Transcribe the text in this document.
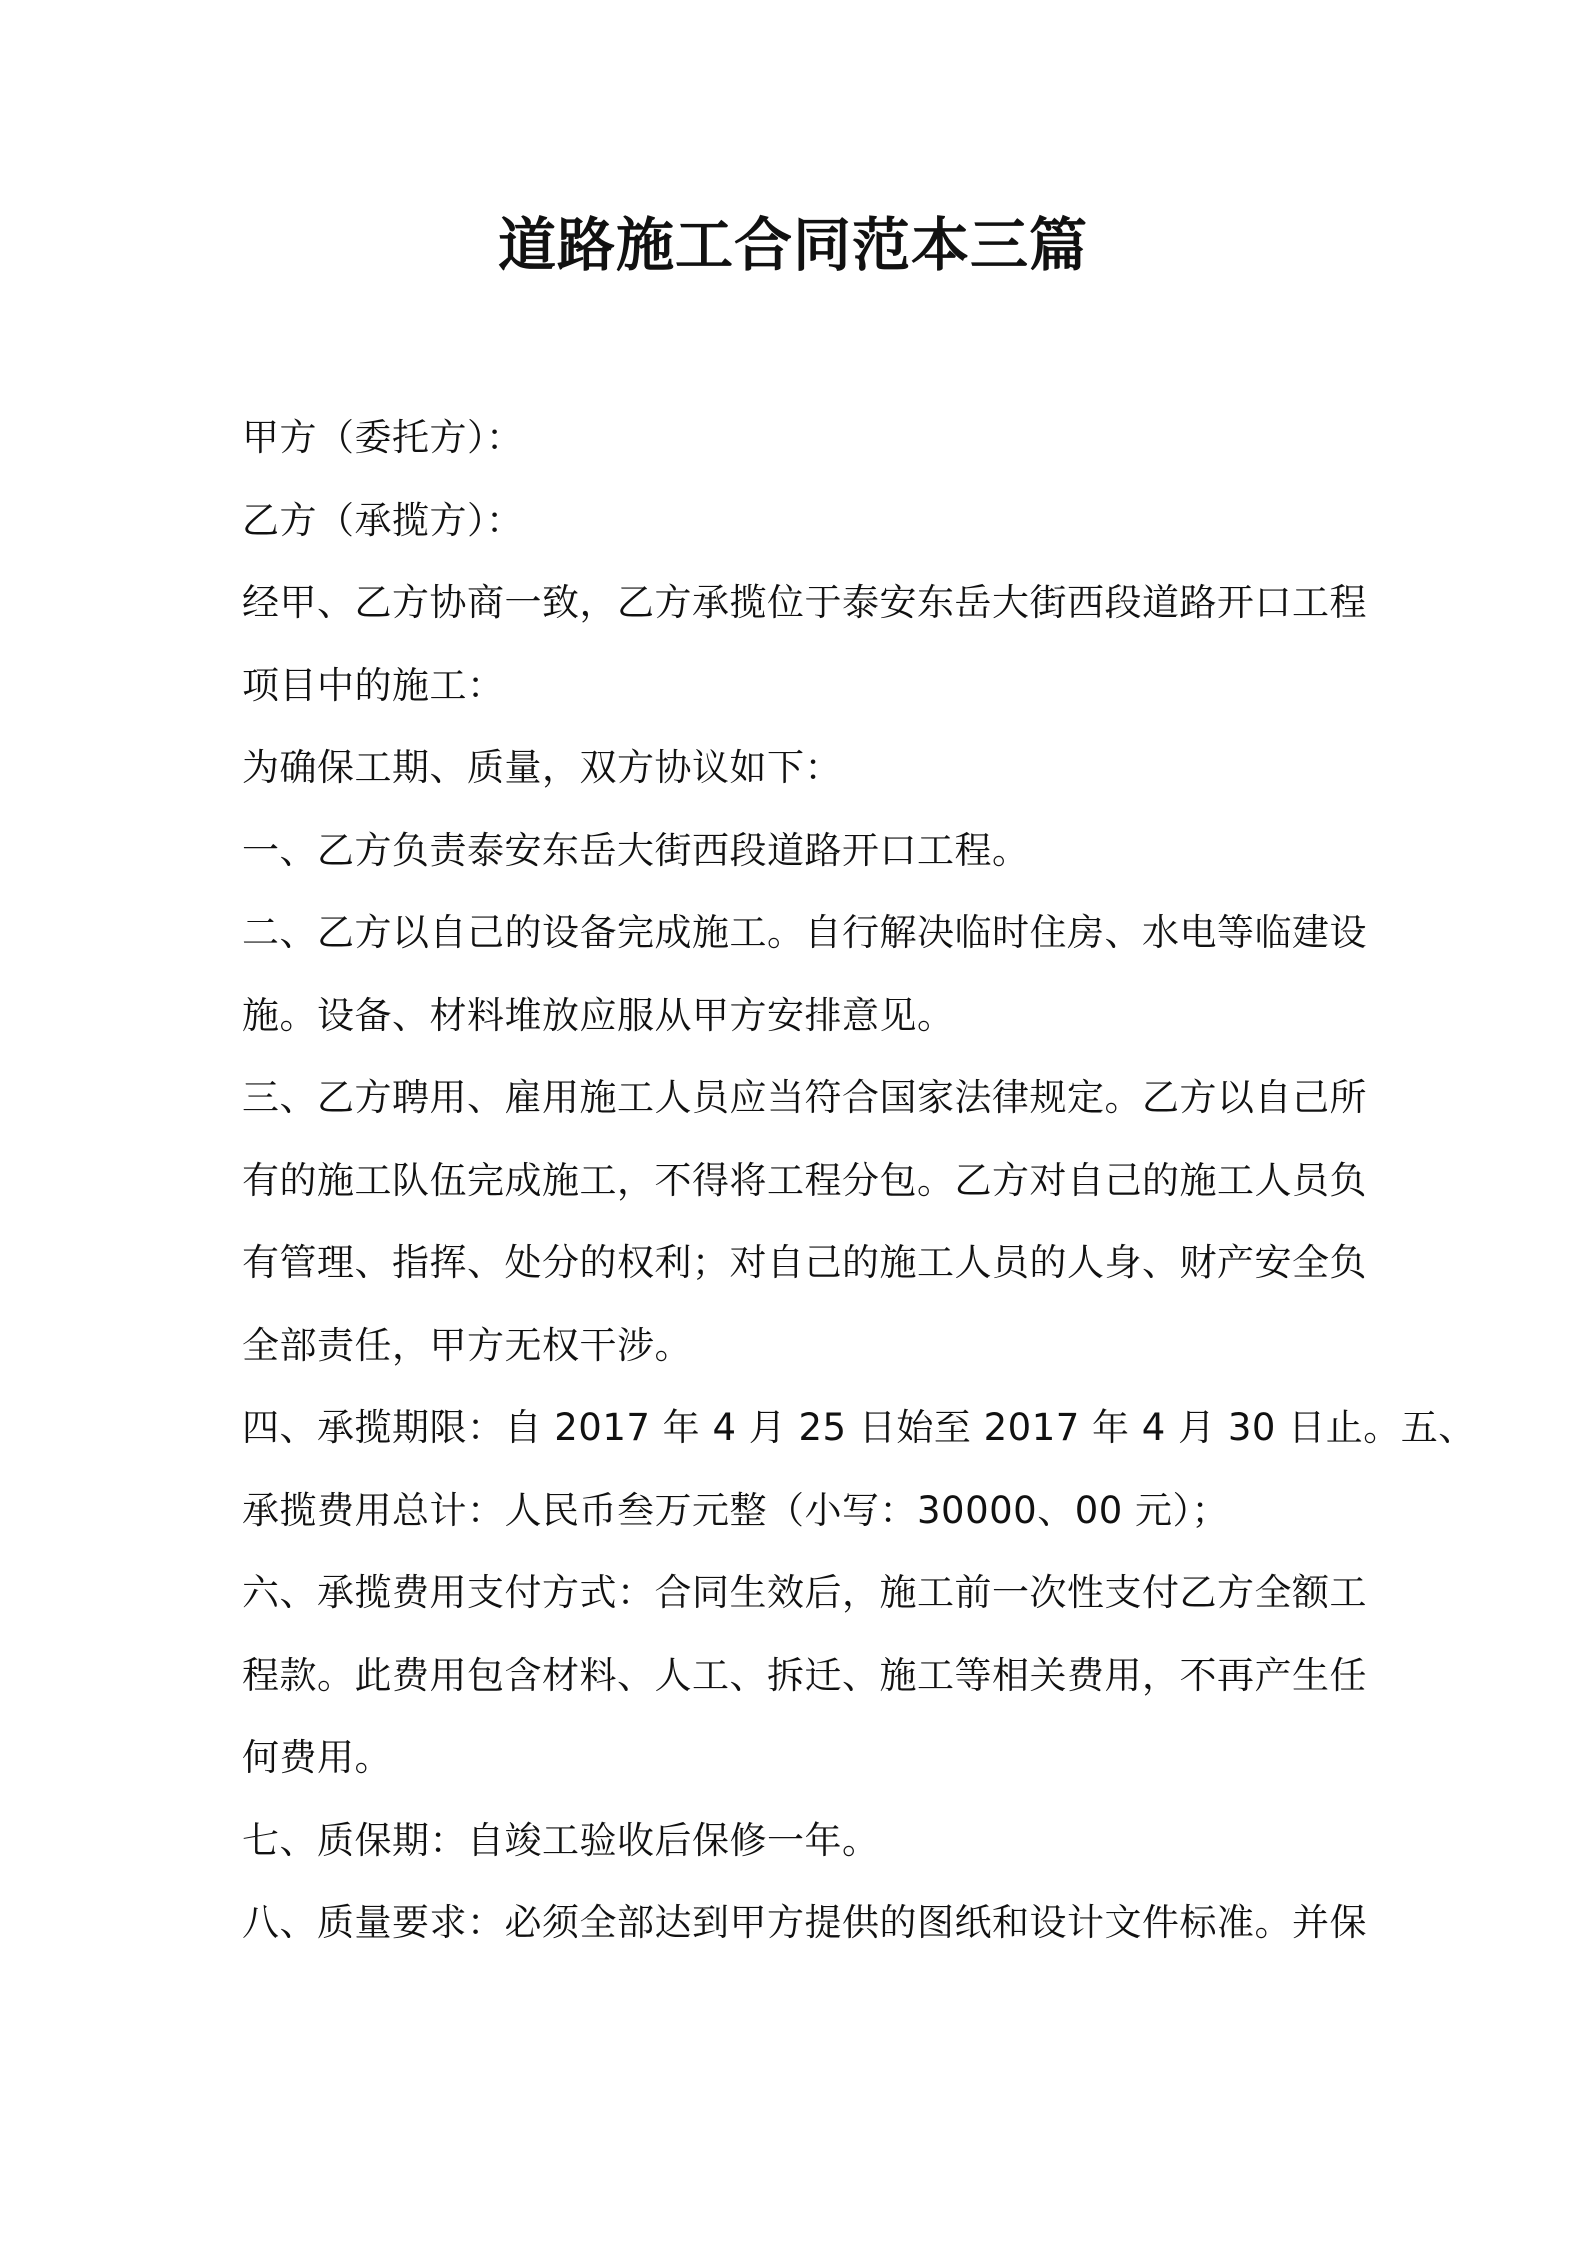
道路施工合同范本三篇

甲方（委托方）：

乙方（承揽方）：

经甲、乙方协商一致，乙方承揽位于泰安东岳大街西段道路开口工程

项目中的施工：

为确保工期、质量，双方协议如下：

一、乙方负责泰安东岳大街西段道路开口工程。

二、乙方以自己的设备完成施工。自行解决临时住房、水电等临建设

施。设备、材料堆放应服从甲方安排意见。

三、乙方聘用、雇用施工人员应当符合国家法律规定。乙方以自己所

有的施工队伍完成施工，不得将工程分包。乙方对自己的施工人员负

有管理、指挥、处分的权利；对自己的施工人员的人身、财产安全负

全部责任，甲方无权干涉。

四、承揽期限：自 2017 年 4 月 25 日始至 2017 年 4 月 30 日止。五、

承揽费用总计：人民币叁万元整（小写：30000、00 元）；

六、承揽费用支付方式：合同生效后，施工前一次性支付乙方全额工

程款。此费用包含材料、人工、拆迁、施工等相关费用，不再产生任

何费用。

七、质保期：自竣工验收后保修一年。

八、质量要求：必须全部达到甲方提供的图纸和设计文件标准。并保
